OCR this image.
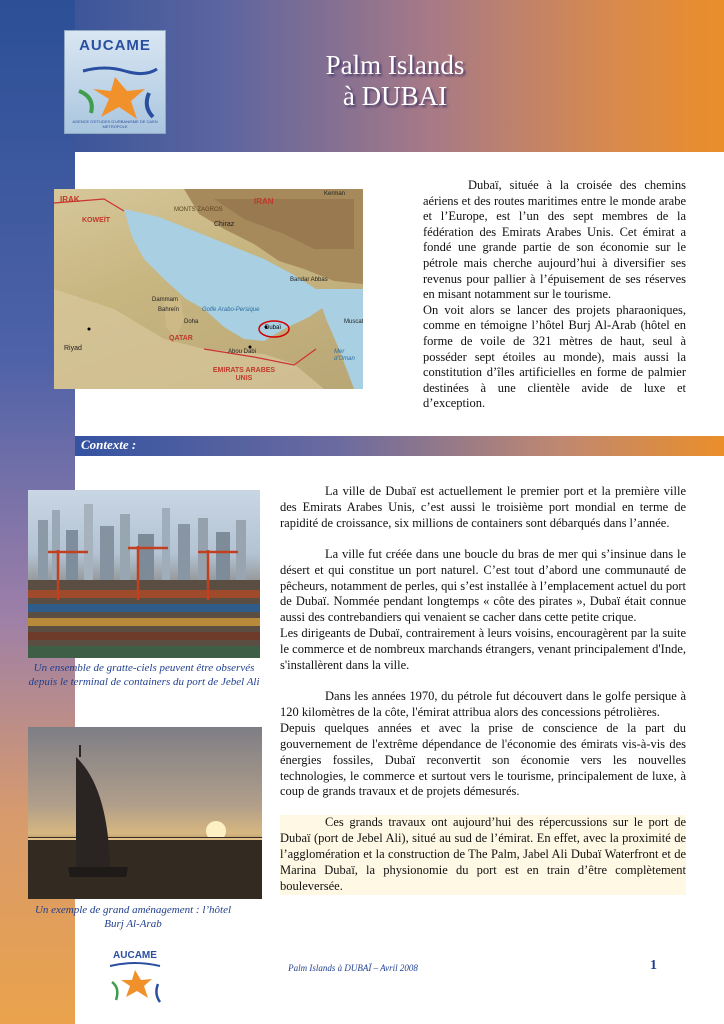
AUCAME
AGENCE D'ETUDES D'URBANISME DE CAEN METROPOLE
Palm Islands
à DUBAI
IRAK	IRAN
Kerman
MONTS ZAGROS
KOWEÏT
Chiraz
Bandar Abbas
Golfe Arabo-Persique
Dammam
Bahreïn
Doha
QATAR
Dubaï
Abou Dabi
Muscat
Mer d'Oman
Riyad
EMIRATS ARABES UNIS

Dubaï, située à la croisée des chemins aériens et des routes maritimes entre le monde arabe et l’Europe, est l’un des sept membres de la fédération des Emirats Arabes Unis. Cet émirat a fondé une grande partie de son économie sur le pétrole mais cherche aujourd’hui à diversifier ses revenus pour pallier à l’épuisement de ses réserves en misant notamment sur le tourisme.

On voit alors se lancer des projets pharaoniques, comme en témoigne l’hôtel Burj Al-Arab (hôtel en forme de voile de 321 mètres de haut, seul à posséder sept étoiles au monde), mais aussi la constitution d’îles artificielles en forme de palmier destinées à une clientèle avide de luxe et d’exception.

Contexte :
Un ensemble de gratte-ciels peuvent être observés depuis le terminal de containers du port de Jebel Ali
Un exemple de grand aménagement : l’hôtel Burj Al-Arab

La ville de Dubaï est actuellement le premier port et la première ville des Emirats Arabes Unis, c’est aussi le troisième port mondial en terme de rapidité de croissance, six millions de containers sont débarqués dans l’année.

La ville fut créée dans une boucle du bras de mer qui s’insinue dans le désert et qui constitue un port naturel. C’est tout d’abord une communauté de pêcheurs, notamment de perles, qui s’est installée à l’emplacement actuel du port de Dubaï. Nommée pendant longtemps « côte des pirates », Dubaï était connue aussi des contrebandiers qui venaient se cacher dans cette petite crique.

Les dirigeants de Dubaï, contrairement à leurs voisins, encouragèrent par la suite le commerce et de nombreux marchands étrangers, venant principalement d'Inde, s'installèrent dans la ville.

Dans les années 1970, du pétrole fut découvert dans le golfe persique à 120 kilomètres de la côte, l'émirat attribua alors des concessions pétrolières.

Depuis quelques années et avec la prise de conscience de la part du gouvernement de l'extrême dépendance de l'économie des émirats vis-à-vis des énergies fossiles, Dubaï reconvertit son économie vers les nouvelles technologies, le commerce et surtout vers le tourisme, principalement de luxe, à coup de grands travaux et de projets démesurés.

Ces grands travaux ont aujourd’hui des répercussions sur le port de Dubaï (port de Jebel Ali), situé au sud de l’émirat. En effet, avec la proximité de l’agglomération et la construction de The Palm, Jabel Ali Dubaï Waterfront et de Marina Dubaï, la physionomie du port est en train d’être complètement bouleversée.

AUCAME
Palm Islands à DUBAÏ – Avril 2008	1
